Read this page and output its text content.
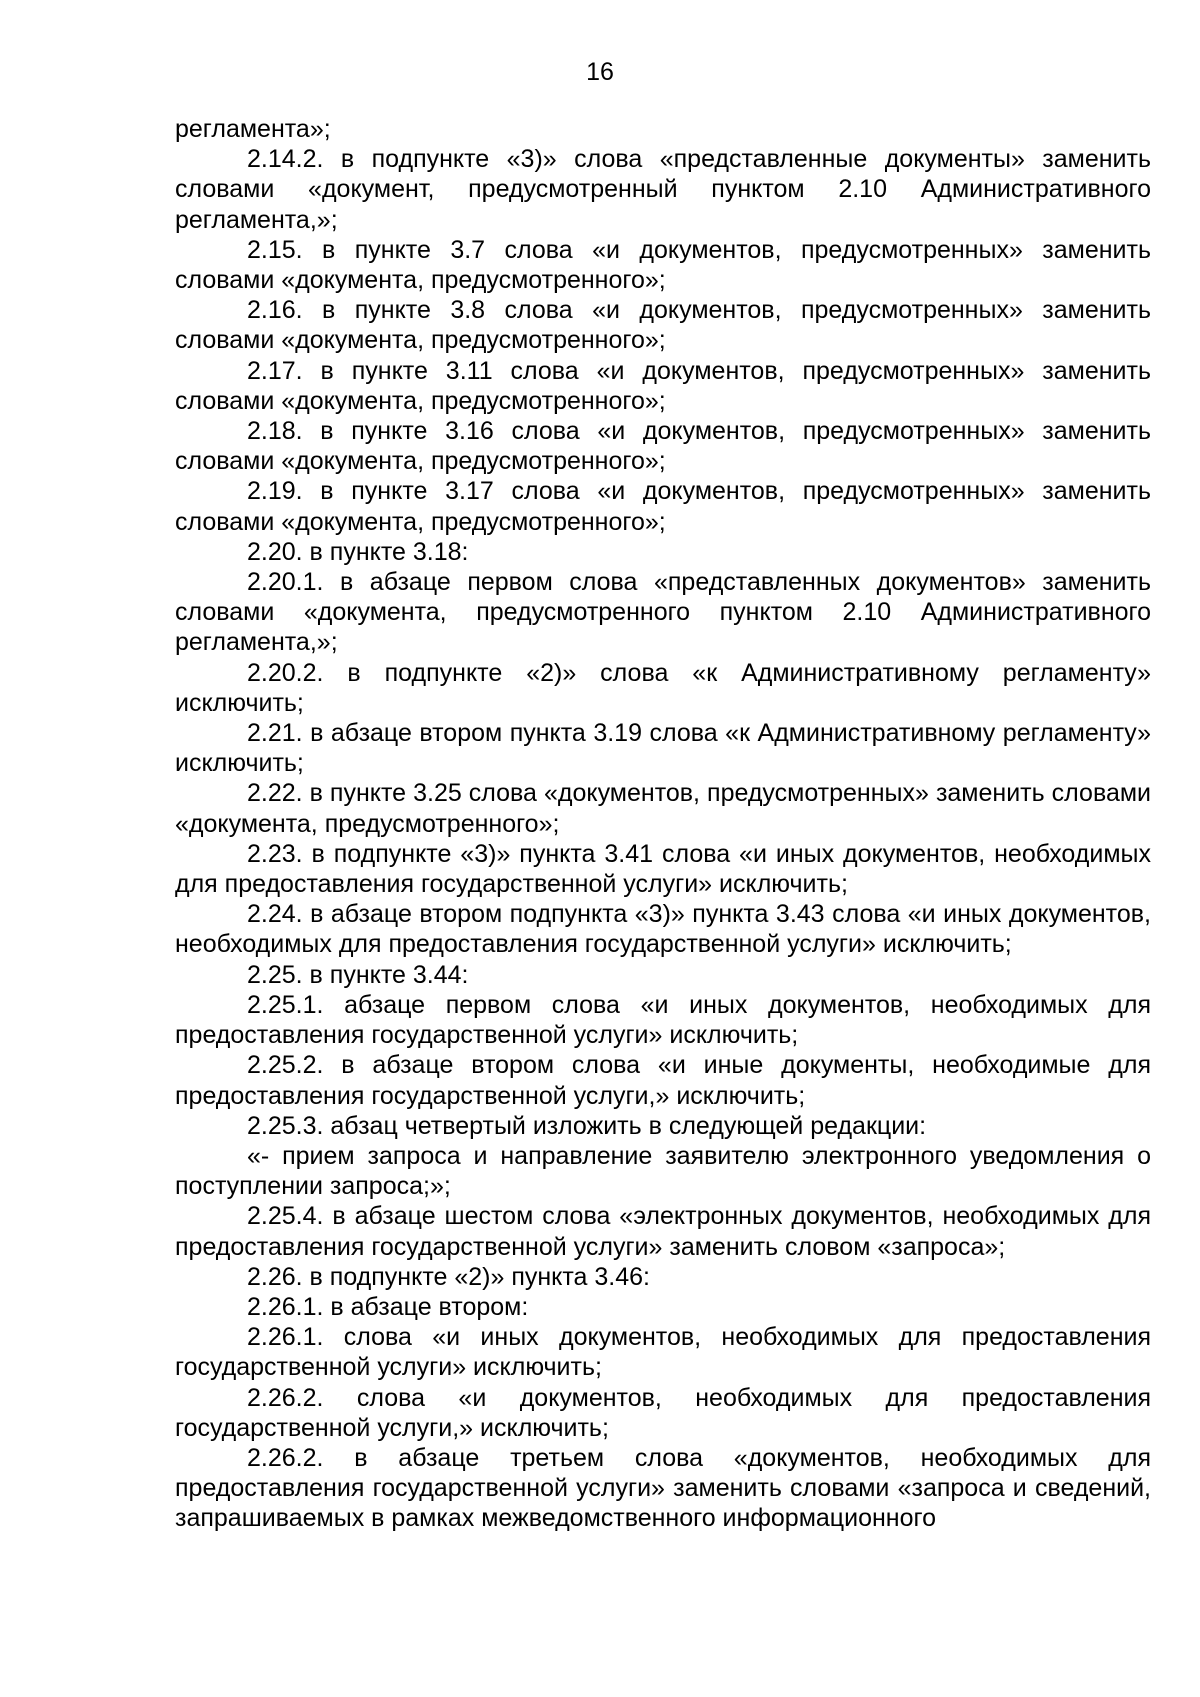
16

регламента»;

2.14.2. в подпункте «3)» слова «представленные документы» заменить словами «документ, предусмотренный пунктом 2.10 Административного регламента,»;

2.15. в пункте 3.7 слова «и документов, предусмотренных» заменить словами «документа, предусмотренного»;

2.16. в пункте 3.8 слова «и документов, предусмотренных» заменить словами «документа, предусмотренного»;

2.17. в пункте 3.11 слова «и документов, предусмотренных» заменить словами «документа, предусмотренного»;

2.18. в пункте 3.16 слова «и документов, предусмотренных» заменить словами «документа, предусмотренного»;

2.19. в пункте 3.17 слова «и документов, предусмотренных» заменить словами «документа, предусмотренного»;

2.20. в пункте 3.18:

2.20.1. в абзаце первом слова «представленных документов» заменить словами «документа, предусмотренного пунктом 2.10 Административного регламента,»;

2.20.2. в подпункте «2)» слова «к Административному регламенту» исключить;

2.21. в абзаце втором пункта 3.19 слова «к Административному регламенту» исключить;

2.22. в пункте 3.25 слова «документов, предусмотренных» заменить словами «документа, предусмотренного»;

2.23. в подпункте «3)» пункта 3.41 слова «и иных документов, необходимых для предоставления государственной услуги» исключить;

2.24. в абзаце втором подпункта «3)» пункта 3.43 слова «и иных документов, необходимых для предоставления государственной услуги» исключить;

2.25. в пункте 3.44:

2.25.1. абзаце первом слова «и иных документов, необходимых для предоставления государственной услуги» исключить;

2.25.2. в абзаце втором слова «и иные документы, необходимые для предоставления государственной услуги,» исключить;

2.25.3. абзац четвертый изложить в следующей редакции:

«- прием запроса и направление заявителю электронного уведомления о поступлении запроса;»;

2.25.4. в абзаце шестом слова «электронных документов, необходимых для предоставления государственной услуги» заменить словом «запроса»;

2.26. в подпункте «2)» пункта 3.46:

2.26.1. в абзаце втором:

2.26.1. слова «и иных документов, необходимых для предоставления государственной услуги» исключить;

2.26.2. слова «и документов, необходимых для предоставления государственной услуги,» исключить;

2.26.2. в абзаце третьем слова «документов, необходимых для предоставления государственной услуги» заменить словами «запроса и сведений, запрашиваемых в рамках межведомственного информационного
